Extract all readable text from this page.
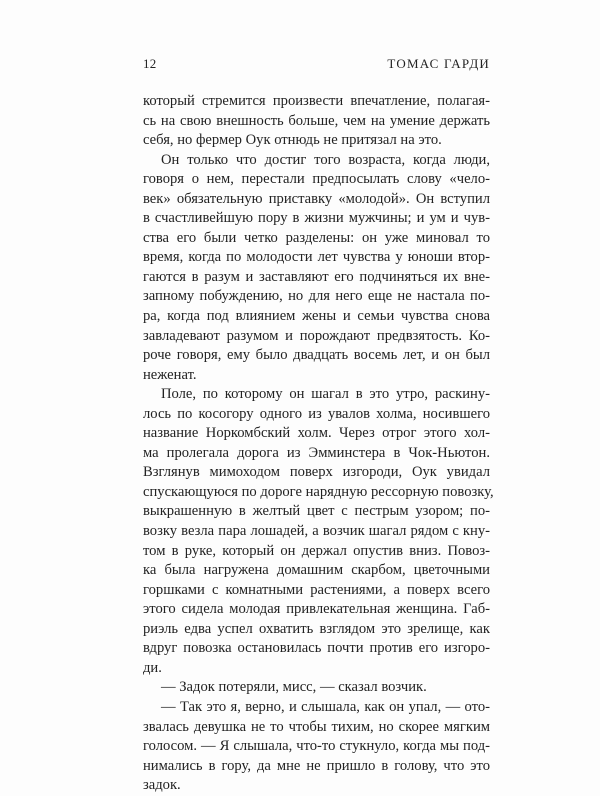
12	ТОМАС ГАРДИ
который стремится произвести впечатление, полагая-
сь на свою внешность больше, чем на умение держать
себя, но фермер Оук отнюдь не притязал на это.
Он только что достиг того возраста, когда люди,
говоря о нем, перестали предпосылать слову «чело-
век» обязательную приставку «молодой». Он вступил
в счастливейшую пору в жизни мужчины; и ум и чув-
ства его были четко разделены: он уже миновал то
время, когда по молодости лет чувства у юноши втор-
гаются в разум и заставляют его подчиняться их вне-
запному побуждению, но для него еще не настала по-
ра, когда под влиянием жены и семьи чувства снова
завладевают разумом и порождают предвзятость. Ко-
роче говоря, ему было двадцать восемь лет, и он был
неженат.
Поле, по которому он шагал в это утро, раскину-
лось по косогору одного из увалов холма, носившего
название Норкомбский холм. Через отрог этого хол-
ма пролегала дорога из Эмминстера в Чок-Ньютон.
Взглянув мимоходом поверх изгороди, Оук увидал
спускающуюся по дороге нарядную рессорную повозку,
выкрашенную в желтый цвет с пестрым узором; по-
возку везла пара лошадей, а возчик шагал рядом с кну-
том в руке, который он держал опустив вниз. Повоз-
ка была нагружена домашним скарбом, цветочными
горшками с комнатными растениями, а поверх всего
этого сидела молодая привлекательная женщина. Габ-
риэль едва успел охватить взглядом это зрелище, как
вдруг повозка остановилась почти против его изгоро-
ди.
— Задок потеряли, мисс, — сказал возчик.
— Так это я, верно, и слышала, как он упал, — ото-
звалась девушка не то чтобы тихим, но скорее мягким
голосом. — Я слышала, что-то стукнуло, когда мы под-
нимались в гору, да мне не пришло в голову, что это
задок.
